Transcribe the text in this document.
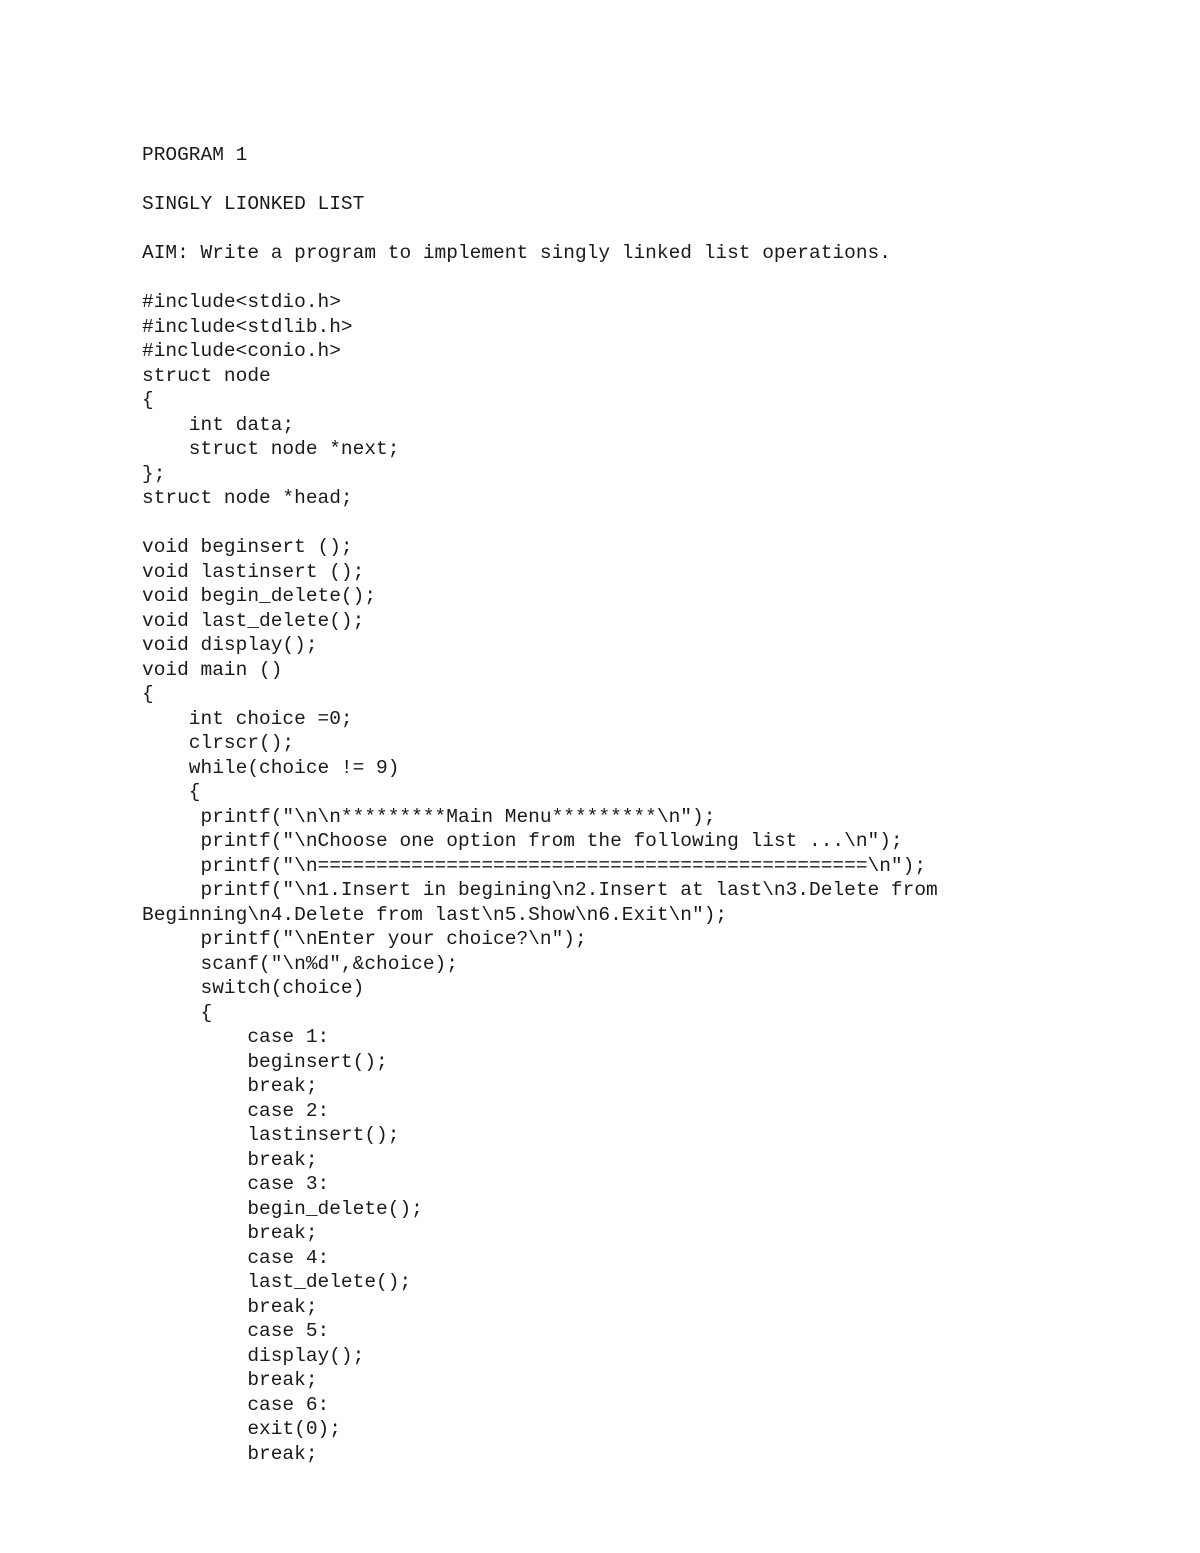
PROGRAM 1
SINGLY LIONKED LIST
AIM: Write a program to implement singly linked list operations.
#include<stdio.h>
#include<stdlib.h>
#include<conio.h>
struct node
{
int data;
struct node *next;
};
struct node *head;
void beginsert ();
void lastinsert ();
void begin_delete();
void last_delete();
void display();
void main ()
{
int choice =0;
clrscr();
while(choice != 9)
{
printf("\n\n*********Main Menu*********\n");
printf("\nChoose one option from the following list ...\n");
printf("\n===============================================\n");
printf("\n1.Insert in begining\n2.Insert at last\n3.Delete from
Beginning\n4.Delete from last\n5.Show\n6.Exit\n");
printf("\nEnter your choice?\n");
scanf("\n%d",&choice);
switch(choice)
{
case 1:
beginsert();
break;
case 2:
lastinsert();
break;
case 3:
begin_delete();
break;
case 4:
last_delete();
break;
case 5:
display();
break;
case 6:
exit(0);
break;
